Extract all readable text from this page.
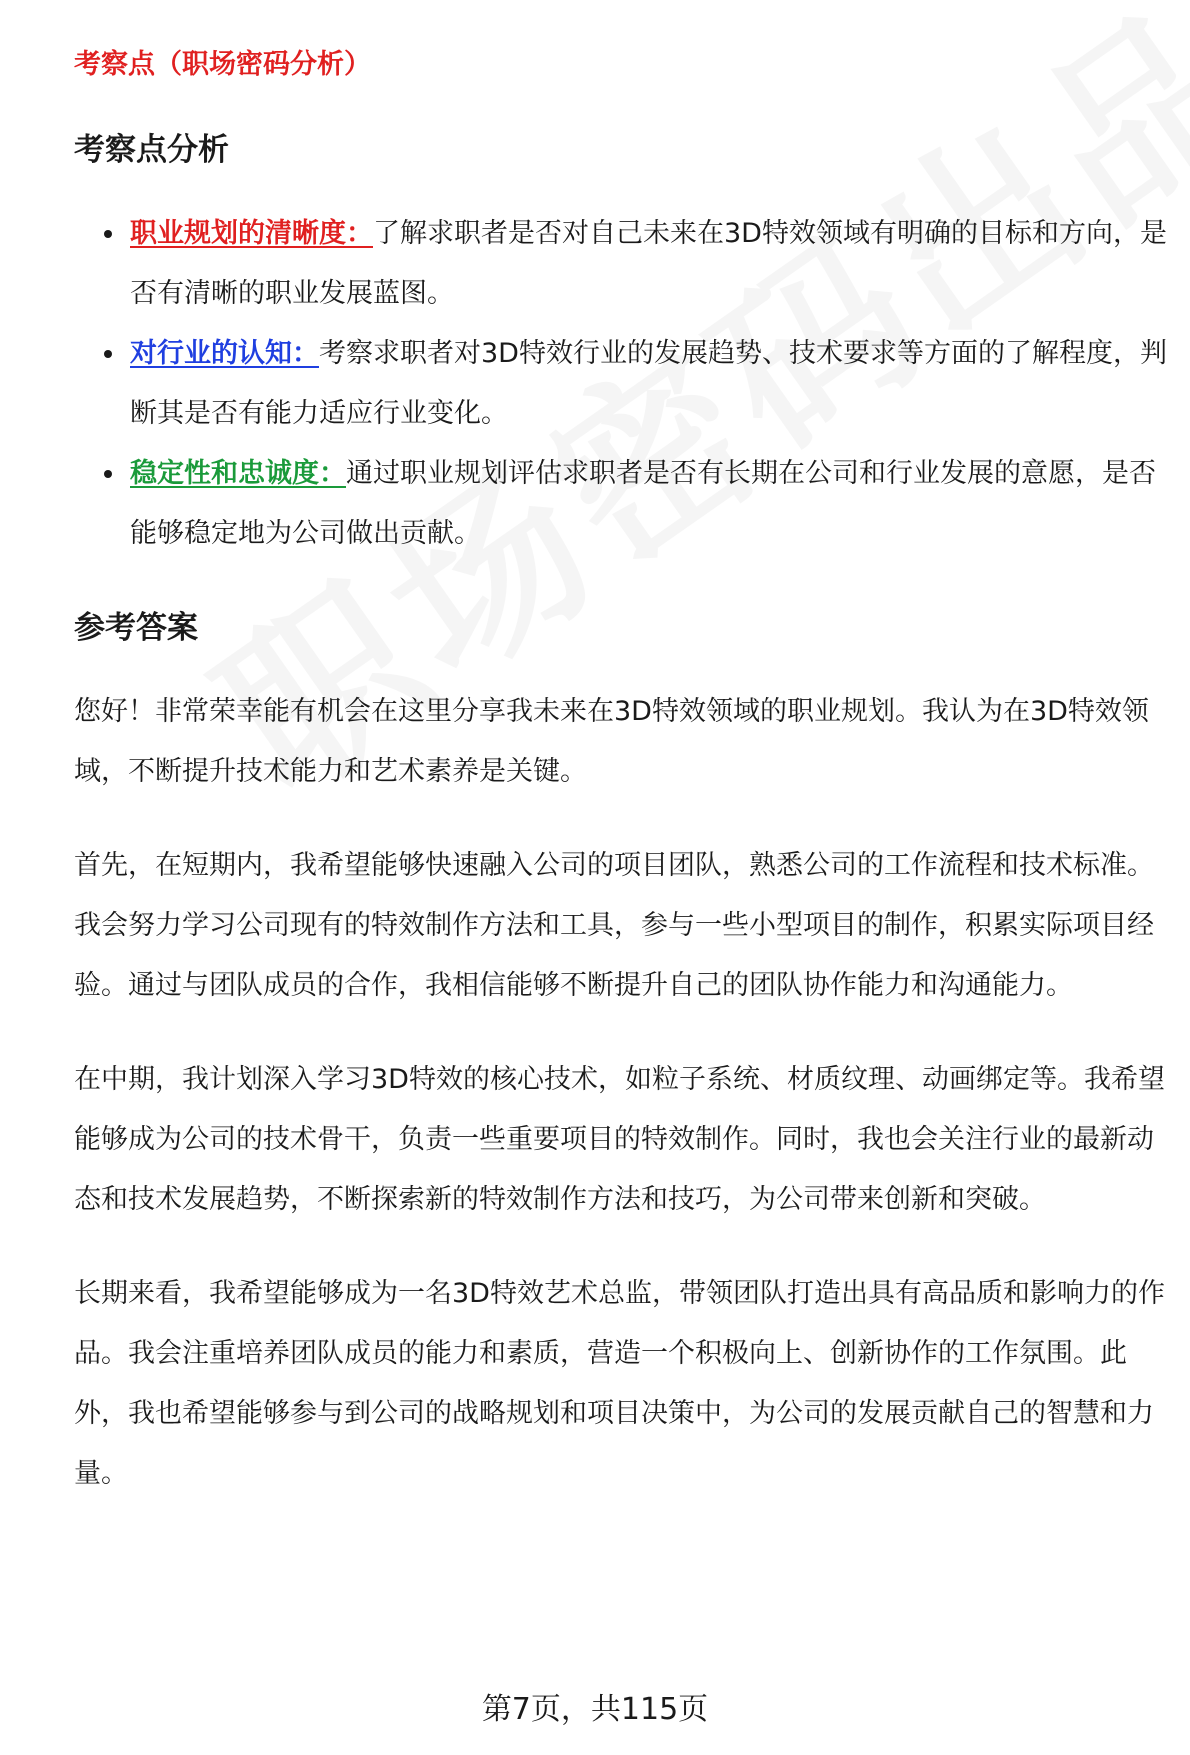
考察点（职场密码分析）
考察点分析
职业规划的清晰度：了解求职者是否对自己未来在3D特效领域有明确的目标和方向，是否有清晰的职业发展蓝图。
对行业的认知：考察求职者对3D特效行业的发展趋势、技术要求等方面的了解程度，判断其是否有能力适应行业变化。
稳定性和忠诚度：通过职业规划评估求职者是否有长期在公司和行业发展的意愿，是否能够稳定地为公司做出贡献。
参考答案

您好！非常荣幸能有机会在这里分享我未来在3D特效领域的职业规划。我认为在3D特效领域，不断提升技术能力和艺术素养是关键。

首先，在短期内，我希望能够快速融入公司的项目团队，熟悉公司的工作流程和技术标准。我会努力学习公司现有的特效制作方法和工具，参与一些小型项目的制作，积累实际项目经验。通过与团队成员的合作，我相信能够不断提升自己的团队协作能力和沟通能力。

在中期，我计划深入学习3D特效的核心技术，如粒子系统、材质纹理、动画绑定等。我希望能够成为公司的技术骨干，负责一些重要项目的特效制作。同时，我也会关注行业的最新动态和技术发展趋势，不断探索新的特效制作方法和技巧，为公司带来创新和突破。

长期来看，我希望能够成为一名3D特效艺术总监，带领团队打造出具有高品质和影响力的作品。我会注重培养团队成员的能力和素质，营造一个积极向上、创新协作的工作氛围。此外，我也希望能够参与到公司的战略规划和项目决策中，为公司的发展贡献自己的智慧和力量。

第7页，共115页
